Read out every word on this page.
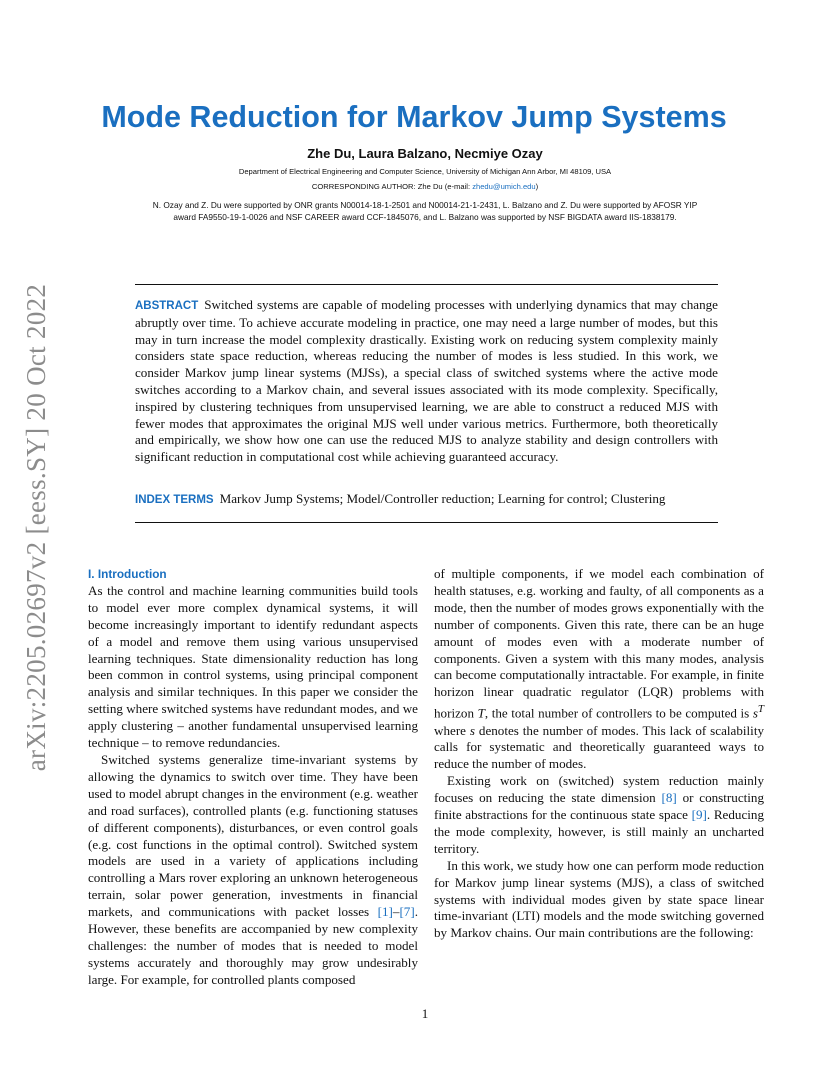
arXiv:2205.02697v2 [eess.SY] 20 Oct 2022
Mode Reduction for Markov Jump Systems
Zhe Du, Laura Balzano, Necmiye Ozay
Department of Electrical Engineering and Computer Science, University of Michigan Ann Arbor, MI 48109, USA
CORRESPONDING AUTHOR: Zhe Du (e-mail: zhedu@umich.edu)
N. Ozay and Z. Du were supported by ONR grants N00014-18-1-2501 and N00014-21-1-2431, L. Balzano and Z. Du were supported by AFOSR YIP award FA9550-19-1-0026 and NSF CAREER award CCF-1845076, and L. Balzano was supported by NSF BIGDATA award IIS-1838179.
ABSTRACT Switched systems are capable of modeling processes with underlying dynamics that may change abruptly over time. To achieve accurate modeling in practice, one may need a large number of modes, but this may in turn increase the model complexity drastically. Existing work on reducing system complexity mainly considers state space reduction, whereas reducing the number of modes is less studied. In this work, we consider Markov jump linear systems (MJSs), a special class of switched systems where the active mode switches according to a Markov chain, and several issues associated with its mode complexity. Specifically, inspired by clustering techniques from unsupervised learning, we are able to construct a reduced MJS with fewer modes that approximates the original MJS well under various metrics. Furthermore, both theoretically and empirically, we show how one can use the reduced MJS to analyze stability and design controllers with significant reduction in computational cost while achieving guaranteed accuracy.
INDEX TERMS Markov Jump Systems; Model/Controller reduction; Learning for control; Clustering
I. Introduction

As the control and machine learning communities build tools to model ever more complex dynamical systems, it will become increasingly important to identify redundant aspects of a model and remove them using various unsupervised learning techniques. State dimensionality reduction has long been common in control systems, using principal component analysis and similar techniques. In this paper we consider the setting where switched systems have redundant modes, and we apply clustering – another fundamental unsupervised learning technique – to remove redundancies.

Switched systems generalize time-invariant systems by allowing the dynamics to switch over time. They have been used to model abrupt changes in the environment (e.g. weather and road surfaces), controlled plants (e.g. functioning statuses of different components), disturbances, or even control goals (e.g. cost functions in the optimal control). Switched system models are used in a variety of applications including controlling a Mars rover exploring an unknown heterogeneous terrain, solar power generation, investments in financial markets, and communications with packet losses [1]–[7]. However, these benefits are accompanied by new complexity challenges: the number of modes that is needed to model systems accurately and thoroughly may grow undesirably large. For example, for controlled plants composed

of multiple components, if we model each combination of health statuses, e.g. working and faulty, of all components as a mode, then the number of modes grows exponentially with the number of components. Given this rate, there can be an huge amount of modes even with a moderate number of components. Given a system with this many modes, analysis can become computationally intractable. For example, in finite horizon linear quadratic regulator (LQR) problems with horizon T, the total number of controllers to be computed is $s^T$ where s denotes the number of modes. This lack of scalability calls for systematic and theoretically guaranteed ways to reduce the number of modes.

Existing work on (switched) system reduction mainly focuses on reducing the state dimension [8] or constructing finite abstractions for the continuous state space [9]. Reducing the mode complexity, however, is still mainly an uncharted territory.

In this work, we study how one can perform mode reduction for Markov jump linear systems (MJS), a class of switched systems with individual modes given by state space linear time-invariant (LTI) models and the mode switching governed by Markov chains. Our main contributions are the following:

1
